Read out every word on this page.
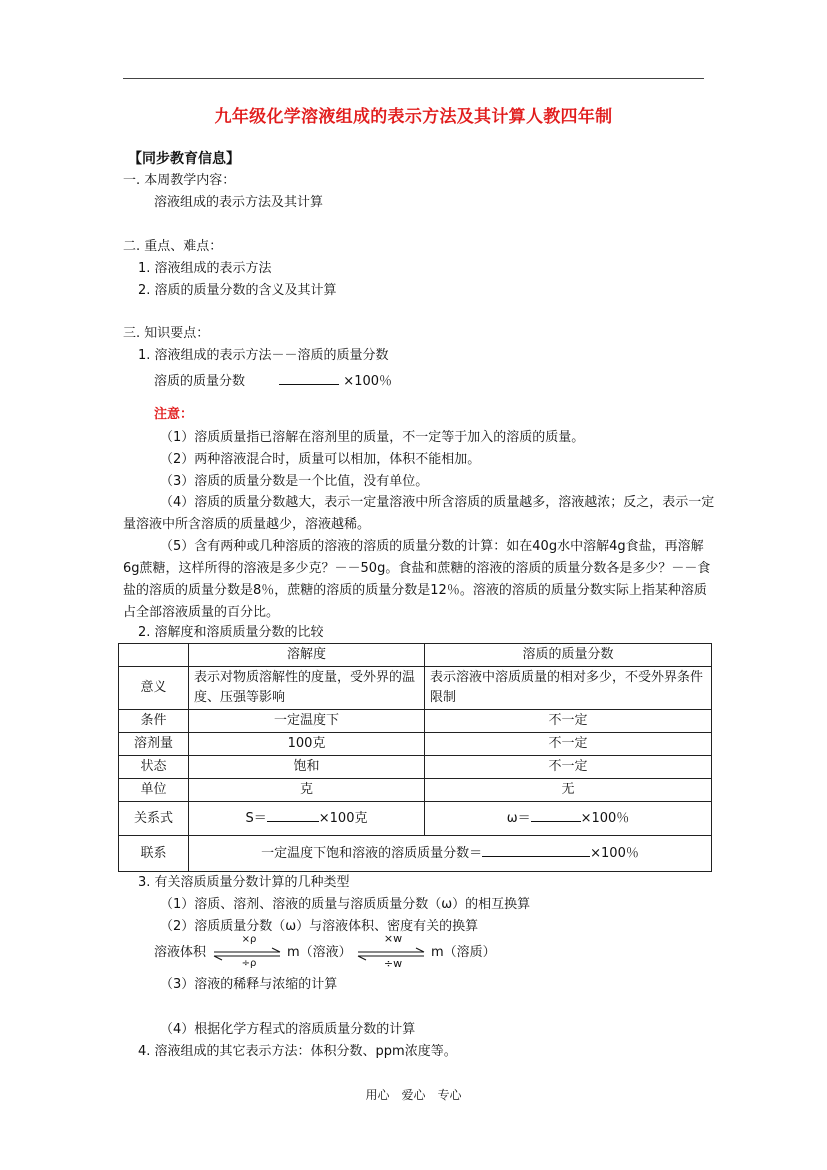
九年级化学溶液组成的表示方法及其计算人教四年制
【同步教育信息】
一. 本周教学内容：
溶液组成的表示方法及其计算
二. 重点、难点：
1. 溶液组成的表示方法
2. 溶质的质量分数的含义及其计算
三. 知识要点：
1. 溶液组成的表示方法－－溶质的质量分数
溶质的质量分数	×100％
注意：
（1）溶质质量指已溶解在溶剂里的质量，不一定等于加入的溶质的质量。
（2）两种溶液混合时，质量可以相加，体积不能相加。
（3）溶质的质量分数是一个比值，没有单位。
（4）溶质的质量分数越大，表示一定量溶液中所含溶质的质量越多，溶液越浓；反之，表示一定量溶液中所含溶质的质量越少，溶液越稀。
（5）含有两种或几种溶质的溶液的溶质的质量分数的计算：如在40g水中溶解4g食盐，再溶解6g蔗糖，这样所得的溶液是多少克？－－50g。食盐和蔗糖的溶液的溶质的质量分数各是多少？－－食盐的溶质的质量分数是8％，蔗糖的溶质的质量分数是12％。溶液的溶质的质量分数实际上指某种溶质占全部溶液质量的百分比。
2. 溶解度和溶质质量分数的比较
	溶解度	溶质的质量分数
意义	表示对物质溶解性的度量，受外界的温度、压强等影响	表示溶液中溶质质量的相对多少，不受外界条件限制
条件	一定温度下	不一定
溶剂量	100克	不一定
状态	饱和	不一定
单位	克	无
关系式	S＝ ×100克	ω＝ ×100％
联系	一定温度下饱和溶液的溶质质量分数＝ ×100％	
3. 有关溶质质量分数计算的几种类型
（1）溶质、溶剂、溶液的质量与溶质质量分数（ω）的相互换算
（2）溶质质量分数（ω）与溶液体积、密度有关的换算
溶液体积
×ρ
÷ρ
m（溶液）
×w
÷w
m（溶质）
（3）溶液的稀释与浓缩的计算
（4）根据化学方程式的溶质质量分数的计算
4. 溶液组成的其它表示方法：体积分数、ppm浓度等。
用心　爱心　专心
